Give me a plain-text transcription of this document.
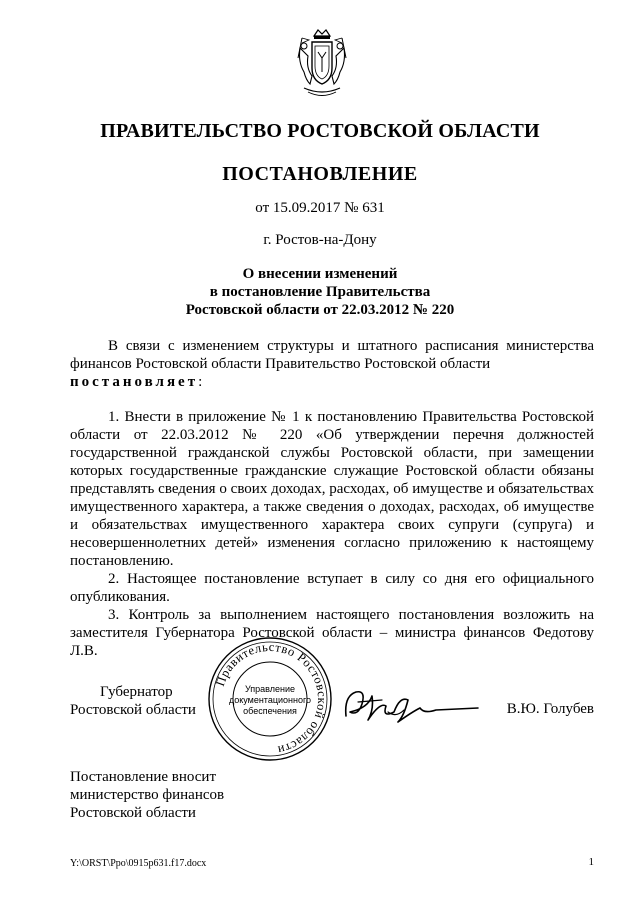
ПРАВИТЕЛЬСТВО РОСТОВСКОЙ ОБЛАСТИ
ПОСТАНОВЛЕНИЕ
от 15.09.2017 № 631
г. Ростов-на-Дону
О внесении изменений
в постановление Правительства
Ростовской области от 22.03.2012 № 220

В связи с изменением структуры и штатного расписания министерства финансов Ростовской области Правительство Ростовской области
постановляет:

1. Внести в приложение № 1 к постановлению Правительства Ростовской области от 22.03.2012 № 220 «Об утверждении перечня должностей государственной гражданской службы Ростовской области, при замещении которых государственные гражданские служащие Ростовской области обязаны представлять сведения о своих доходах, расходах, об имуществе и обязательствах имущественного характера, а также сведения о доходах, расходах, об имуществе и обязательствах имущественного характера своих супруги (супруга) и несовершеннолетних детей» изменения согласно приложению к настоящему постановлению.

2. Настоящее постановление вступает в силу со дня его официального опубликования.

3. Контроль за выполнением настоящего постановления возложить на заместителя Губернатора Ростовской области – министра финансов Федотову Л.В.

Губернатор
Ростовской области
Правительство Ростовской области
Управление
документационного
обеспечения	В.Ю. Голубев
Постановление вносит
министерство финансов
Ростовской области
Y:\ORST\Ppo\0915p631.f17.docx	1
